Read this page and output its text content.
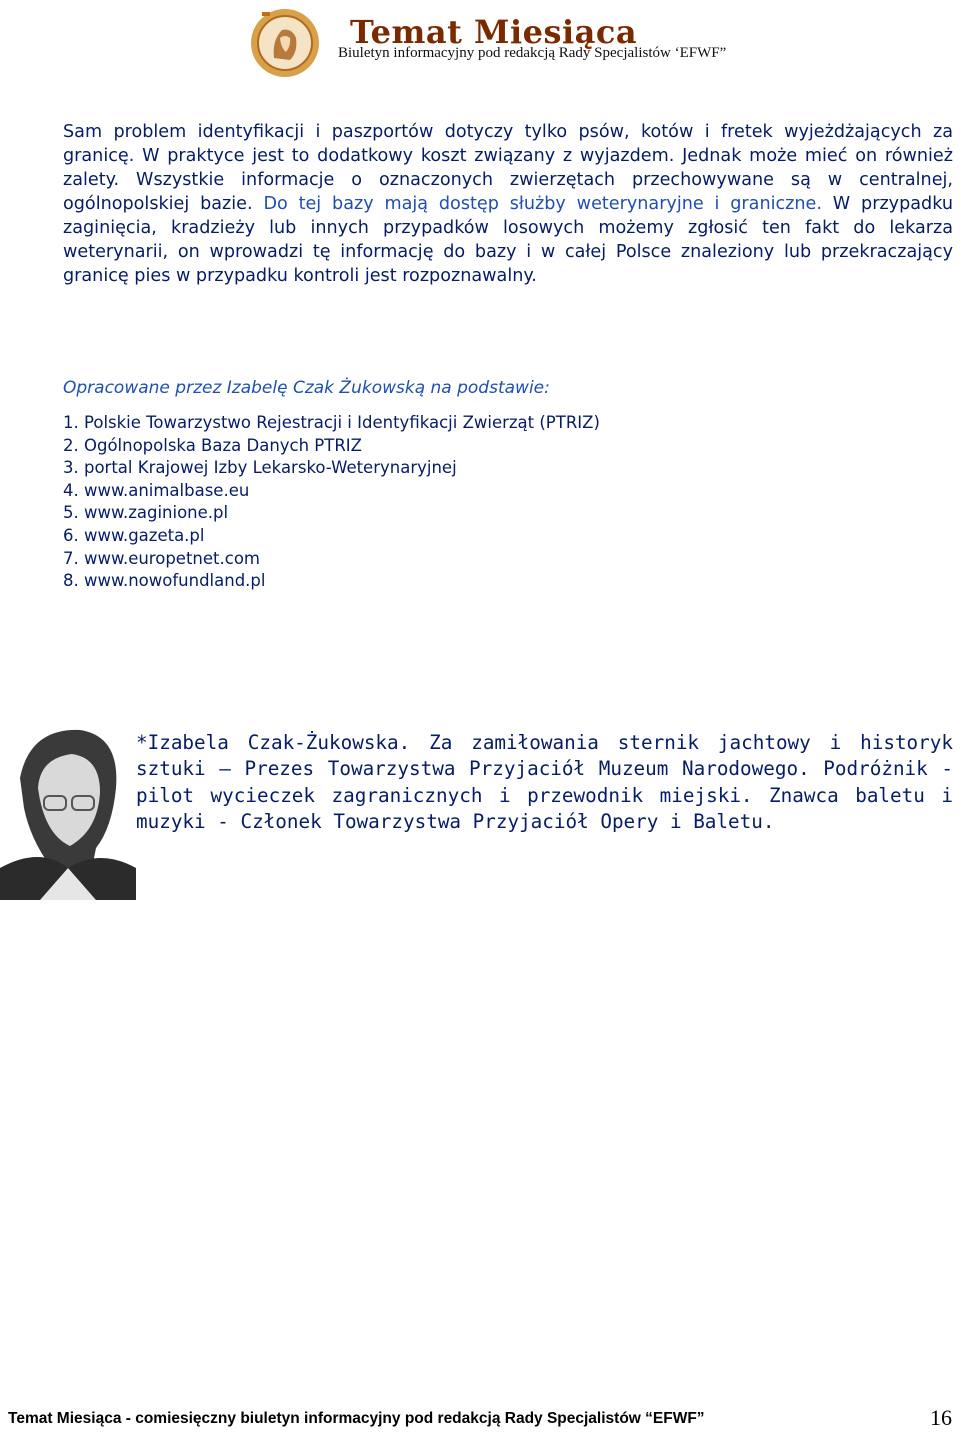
Temat Miesiąca
Biuletyn informacyjny pod redakcją Rady Specjalistów ‘EFWF”
Sam problem identyfikacji i paszportów dotyczy tylko psów, kotów i fretek wyjeżdżających za granicę. W praktyce jest to dodatkowy koszt związany z wyjazdem. Jednak może mieć on również zalety. Wszystkie informacje o oznaczonych zwierzętach przechowywane są w centralnej, ogólnopolskiej bazie. Do tej bazy mają dostęp służby weterynaryjne i graniczne. W przypadku zaginięcia, kradzieży lub innych przypadków losowych możemy zgłosić ten fakt do lekarza weterynarii, on wprowadzi tę informację do bazy i w całej Polsce znaleziony lub przekraczający granicę pies w przypadku kontroli jest rozpoznawalny.
Opracowane przez Izabelę Czak Żukowską na podstawie:
1. Polskie Towarzystwo Rejestracji i Identyfikacji Zwierząt (PTRIZ)
2. Ogólnopolska Baza Danych PTRIZ
3. portal Krajowej Izby Lekarsko-Weterynaryjnej
4. www.animalbase.eu
5. www.zaginione.pl
6. www.gazeta.pl
7. www.europetnet.com
8. www.nowofundland.pl
*Izabela Czak-Żukowska. Za zamiłowania sternik jachtowy i historyk sztuki – Prezes Towarzystwa Przyjaciół Muzeum Narodowego. Podróżnik - pilot wycieczek zagranicznych i przewodnik miejski. Znawca baletu i muzyki - Członek Towarzystwa Przyjaciół Opery i Baletu.
Temat Miesiąca - comiesięczny biuletyn informacyjny pod redakcją Rady Specjalistów “EFWF”	16
